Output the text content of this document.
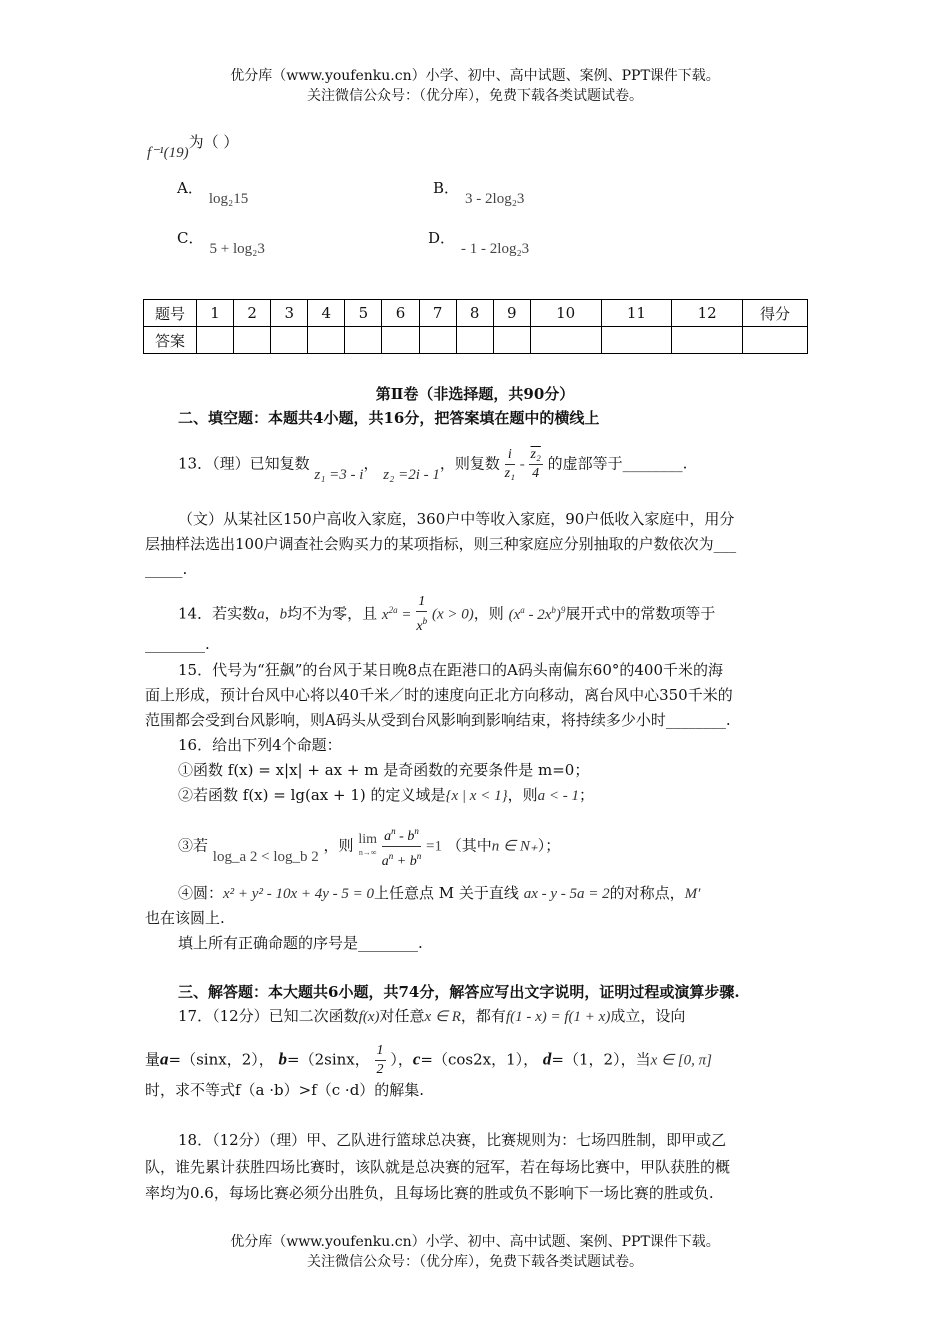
优分库（www.youfenku.cn）小学、初中、高中试题、案例、PPT课件下载。
关注微信公众号：（优分库），免费下载各类试题试卷。
f⁻¹(19)为（ ）
A．log₂15
B．3 - 2log₂3
C．5 + log₂3
D．- 1 - 2log₂3
题号	1	2	3	4	5	6	7	8	9	10	11	12	得分
答案													
第Ⅱ卷（非选择题，共90分）
二、填空题：本题共4小题，共16分，把答案填在题中的横线上
13．（理）已知复数 z₁ =3 - i， z₂ =2i - 1，则复数 $\frac{i}{\text{z₁}} - \frac{\text{z₂}}{4}$ 的虚部等于________.
（文）从某社区150户高收入家庭，360户中等收入家庭，90户低收入家庭中，用分
层抽样法选出100户调查社会购买力的某项指标，则三种家庭应分别抽取的户数依次为___
_____.
14．若实数a，b均不为零，且 $x^{2a} = \frac{1}{x^b} (x > 0)$，则 $(x^a - 2x^b)^9$展开式中的常数项等于
________.
15．代号为“狂飙”的台风于某日晚8点在距港口的A码头南偏东60°的400千米的海
面上形成，预计台风中心将以40千米／时的速度向正北方向移动，离台风中心350千米的
范围都会受到台风影响，则A码头从受到台风影响到影响结束，将持续多少小时________.
16．给出下列4个命题：
①函数 f(x) = x|x| + ax + m 是奇函数的充要条件是 m=0；
②若函数 f(x) = lg(ax + 1) 的定义域是{x | x < 1}，则a < - 1；
③若 log_a 2 < log_b 2 ，则 lim
$n\to\infty \frac{a^n - b^n}{a^n + b^n} =1$ （其中n ∈ N₊）；
④圆：x² + y² - 10x + 4y - 5 = 0上任意点 M 关于直线 ax - y - 5a = 2的对称点，M′
也在该圆上.
填上所有正确命题的序号是________.
三、解答题：本大题共6小题，共74分，解答应写出文字说明，证明过程或演算步骤.
17．（12分）已知二次函数f(x)对任意x ∈ R，都有f(1 - x) = f(1 + x)成立，设向
量a=（sinx，2）， b=（2sinx， $\frac{1}{2}$ ），c=（cos2x，1）， d=（1，2），当x ∈ [0, π]
时，求不等式f（a ·b）>f（c ·d）的解集.
18．（12分）（理）甲、乙队进行篮球总决赛，比赛规则为：七场四胜制，即甲或乙
队，谁先累计获胜四场比赛时，该队就是总决赛的冠军，若在每场比赛中，甲队获胜的概
率均为0.6，每场比赛必须分出胜负，且每场比赛的胜或负不影响下一场比赛的胜或负.
优分库（www.youfenku.cn）小学、初中、高中试题、案例、PPT课件下载。
关注微信公众号：（优分库），免费下载各类试题试卷。
